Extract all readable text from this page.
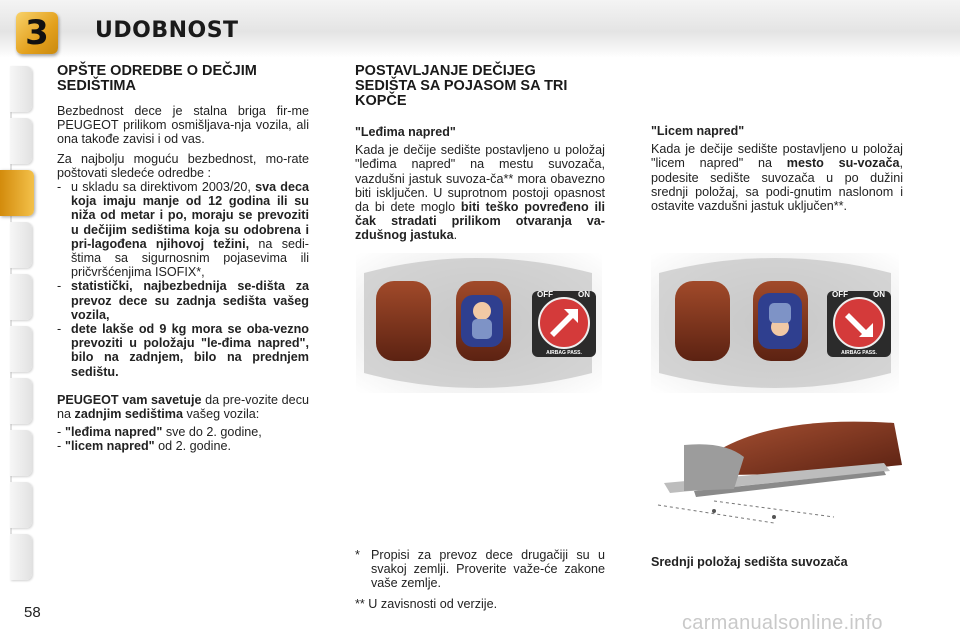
3	UDOBNOST
OPŠTE ODREDBE O DEČJIM SEDIŠTIMA

Bezbednost dece je stalna briga fir-me PEUGEOT prilikom osmišljava-nja vozila, ali ona takođe zavisi i od vas.

Za najbolju moguću bezbednost, mo-rate poštovati sledeće odredbe :

- u skladu sa direktivom 2003/20, sva deca koja imaju manje od 12 godina ili su niža od metar i po, moraju se prevoziti u dečijim sedištima koja su odobrena i pri-lagođena njihovoj težini, na sedi-štima sa sigurnosnim pojasevima ili pričvršćenjima ISOFIX*,
- statistički, najbezbednija se-dišta za prevoz dece su zadnja sedišta vašeg vozila,
- dete lakše od 9 kg mora se oba-vezno prevoziti u položaju "le-đima napred", bilo na zadnjem, bilo na prednjem sedištu.

PEUGEOT vam savetuje da pre-vozite decu na zadnjim sedištima vašeg vozila:

- "leđima napred" sve do 2. godine,
- "licem napred" od 2. godine.
POSTAVLJANJE DEČIJEG SEDIŠTA SA POJASOM SA TRI KOPČE

"Leđima napred"

Kada je dečije sedište postavljeno u položaj "leđima napred" na mestu suvozača, vazdušni jastuk suvoza-ča** mora obavezno biti isključen. U suprotnom postoji opasnost da bi dete moglo biti teško povređeno ili čak stradati prilikom otvaranja va-zdušnog jastuka.

* Propisi za prevoz dece drugačiji su u svakoj zemlji. Proverite važe-će zakone vaše zemlje.

** U zavisnosti od verzije.

"Licem napred"

Kada je dečije sedište postavljeno u položaj "licem napred" na mesto su-vozača, podesite sedište suvozača u po dužini srednji položaj, sa podi-gnutim naslonom i ostavite vazdušni jastuk uključen**.

OFF	ON
AIRBAG PASS.
OFF	ON
AIRBAG PASS.
Srednji položaj sedišta suvozača
58	carmanualsonline.info
